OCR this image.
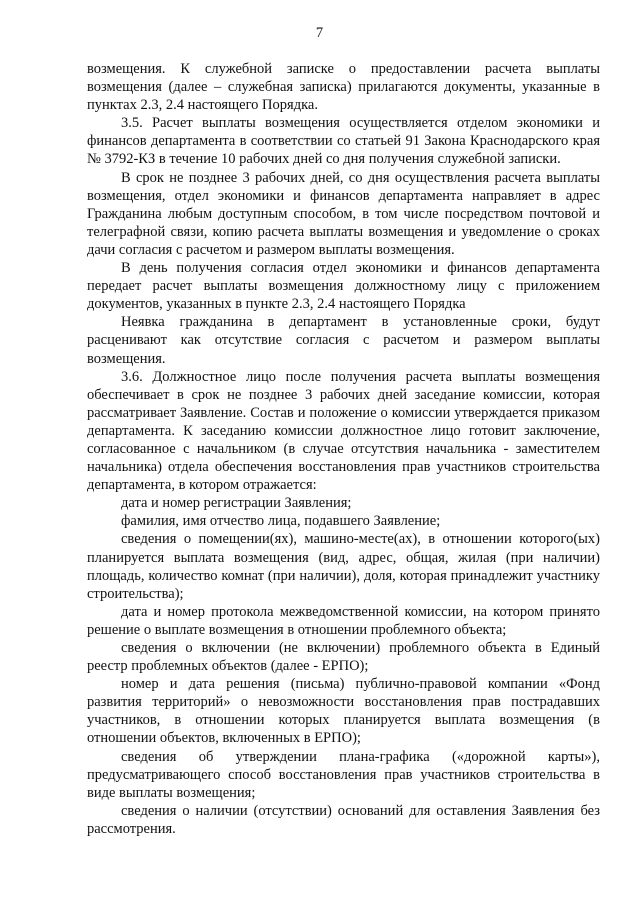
7

возмещения. К служебной записке о предоставлении расчета выплаты возмещения (далее – служебная записка) прилагаются документы, указанные в пунктах 2.3, 2.4 настоящего Порядка.

3.5. Расчет выплаты возмещения осуществляется отделом экономики и финансов департамента в соответствии со статьей 91 Закона Краснодарского края № 3792-КЗ в течение 10 рабочих дней со дня получения служебной записки.

В срок не позднее 3 рабочих дней, со дня осуществления расчета выплаты возмещения, отдел экономики и финансов департамента направляет в адрес Гражданина любым доступным способом, в том числе посредством почтовой и телеграфной связи, копию расчета выплаты возмещения и уведомление о сроках дачи согласия с расчетом и размером выплаты возмещения.

В день получения согласия отдел экономики и финансов департамента передает расчет выплаты возмещения должностному лицу с приложением документов, указанных в пункте 2.3, 2.4 настоящего Порядка

Неявка гражданина в департамент в установленные сроки, будут расценивают как отсутствие согласия с расчетом и размером выплаты возмещения.

3.6. Должностное лицо после получения расчета выплаты возмещения обеспечивает в срок не позднее 3 рабочих дней заседание комиссии, которая рассматривает Заявление. Состав и положение о комиссии утверждается приказом департамента. К заседанию комиссии должностное лицо готовит заключение, согласованное с начальником (в случае отсутствия начальника - заместителем начальника) отдела обеспечения восстановления прав участников строительства департамента, в котором отражается:

дата и номер регистрации Заявления;

фамилия, имя отчество лица, подавшего Заявление;

сведения о помещении(ях), машино-месте(ах), в отношении которого(ых) планируется выплата возмещения (вид, адрес, общая, жилая (при наличии) площадь, количество комнат (при наличии), доля, которая принадлежит участнику строительства);

дата и номер протокола межведомственной комиссии, на котором принято решение о выплате возмещения в отношении проблемного объекта;

сведения о включении (не включении) проблемного объекта в Единый реестр проблемных объектов (далее - ЕРПО);

номер и дата решения (письма) публично-правовой компании «Фонд развития территорий» о невозможности восстановления прав пострадавших участников, в отношении которых планируется выплата возмещения (в отношении объектов, включенных в ЕРПО);

сведения об утверждении плана-графика («дорожной карты»), предусматривающего способ восстановления прав участников строительства в виде выплаты возмещения;

сведения о наличии (отсутствии) оснований для оставления Заявления без рассмотрения.
